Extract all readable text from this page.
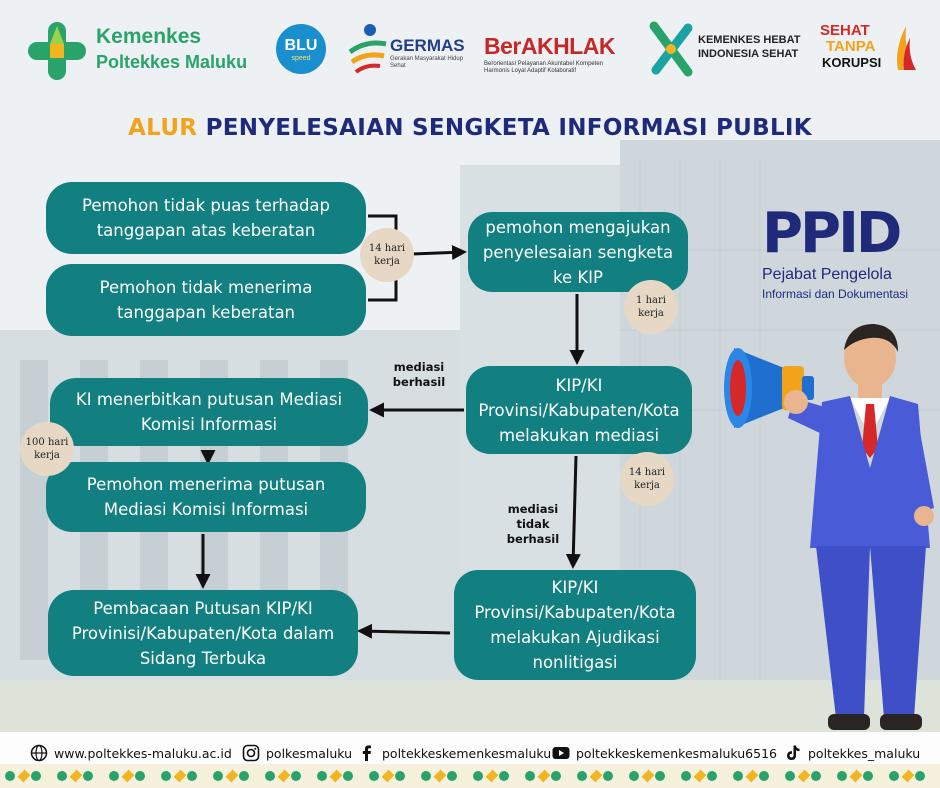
Kemenkes
Poltekkes Maluku
BLU
speed
GERMAS
Gerakan Masyarakat Hidup Sehat
BerAKHLAK
Berorientasi Pelayanan Akuntabel Kompeten
Harmonis Loyal Adaptif Kolaboratif
KEMENKES HEBAT
INDONESIA SEHAT
SEHAT
TANPA
KORUPSI
ALUR PENYELESAIAN SENGKETA INFORMASI PUBLIK
Pemohon tidak puas terhadap
tanggapan atas keberatan
Pemohon tidak menerima
tanggapan keberatan
pemohon mengajukan
penyelesaian sengketa
ke KIP
KIP/KI
Provinsi/Kabupaten/Kota
melakukan mediasi
KI menerbitkan putusan Mediasi
Komisi Informasi
Pemohon menerima putusan
Mediasi Komisi Informasi
KIP/KI
Provinsi/Kabupaten/Kota
melakukan Ajudikasi
nonlitigasi
Pembacaan Putusan KIP/KI
Provinisi/Kabupaten/Kota dalam
Sidang Terbuka
14 hari
kerja
1 hari
kerja
100 hari
kerja
14 hari
kerja
mediasi
berhasil
mediasi
tidak
berhasil
PPID
Pejabat Pengelola
Informasi dan Dokumentasi
www.poltekkes-maluku.ac.id	polkesmaluku poltekkeskemenkesmaluku poltekkeskemenkesmaluku6516 poltekkes_maluku
